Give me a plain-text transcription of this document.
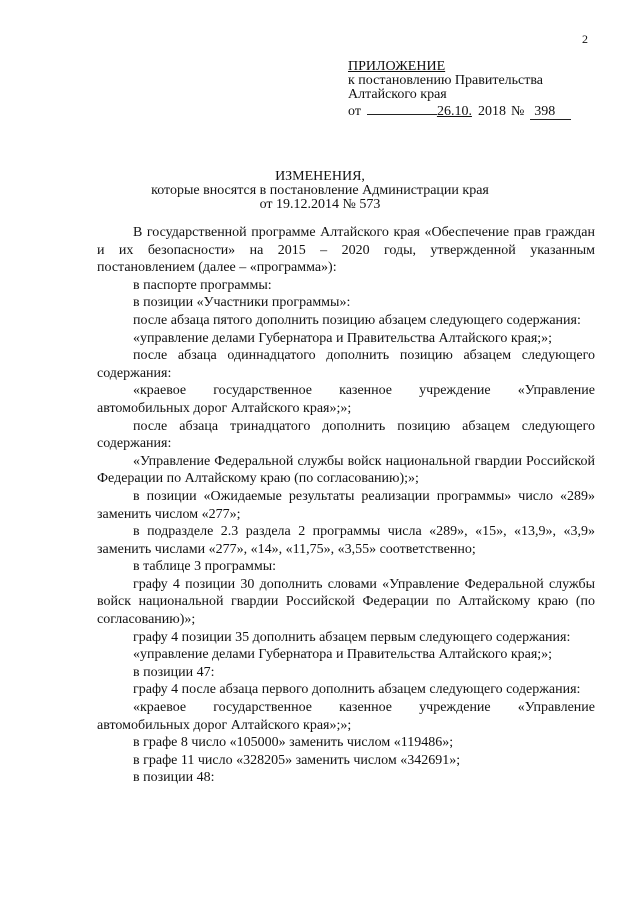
2
ПРИЛОЖЕНИЕ
к постановлению Правительства
Алтайского края
от	26.10. 2018 № 398
ИЗМЕНЕНИЯ,
которые вносятся в постановление Администрации края
от 19.12.2014 № 573

В государственной программе Алтайского края «Обеспечение прав граждан и их безопасности» на 2015 – 2020 годы, утвержденной указанным постановлением (далее – «программа»):

в паспорте программы:

в позиции «Участники программы»:

после абзаца пятого дополнить позицию абзацем следующего содержания:

«управление делами Губернатора и Правительства Алтайского края;»;

после абзаца одиннадцатого дополнить позицию абзацем следующего содержания:

«краевое государственное казенное учреждение «Управление автомобильных дорог Алтайского края»;»;

после абзаца тринадцатого дополнить позицию абзацем следующего содержания:

«Управление Федеральной службы войск национальной гвардии Российской Федерации по Алтайскому краю (по согласованию);»;

в позиции «Ожидаемые результаты реализации программы» число «289» заменить числом «277»;

в подразделе 2.3 раздела 2 программы числа «289», «15», «13,9», «3,9» заменить числами «277», «14», «11,75», «3,55» соответственно;

в таблице 3 программы:

графу 4 позиции 30 дополнить словами «Управление Федеральной службы войск национальной гвардии Российской Федерации по Алтайскому краю (по согласованию)»;

графу 4 позиции 35 дополнить абзацем первым следующего содержания:

«управление делами Губернатора и Правительства Алтайского края;»;

в позиции 47:

графу 4 после абзаца первого дополнить абзацем следующего содержания:

«краевое государственное казенное учреждение «Управление автомобильных дорог Алтайского края»;»;

в графе 8 число «105000» заменить числом «119486»;

в графе 11 число «328205» заменить числом «342691»;

в позиции 48:
